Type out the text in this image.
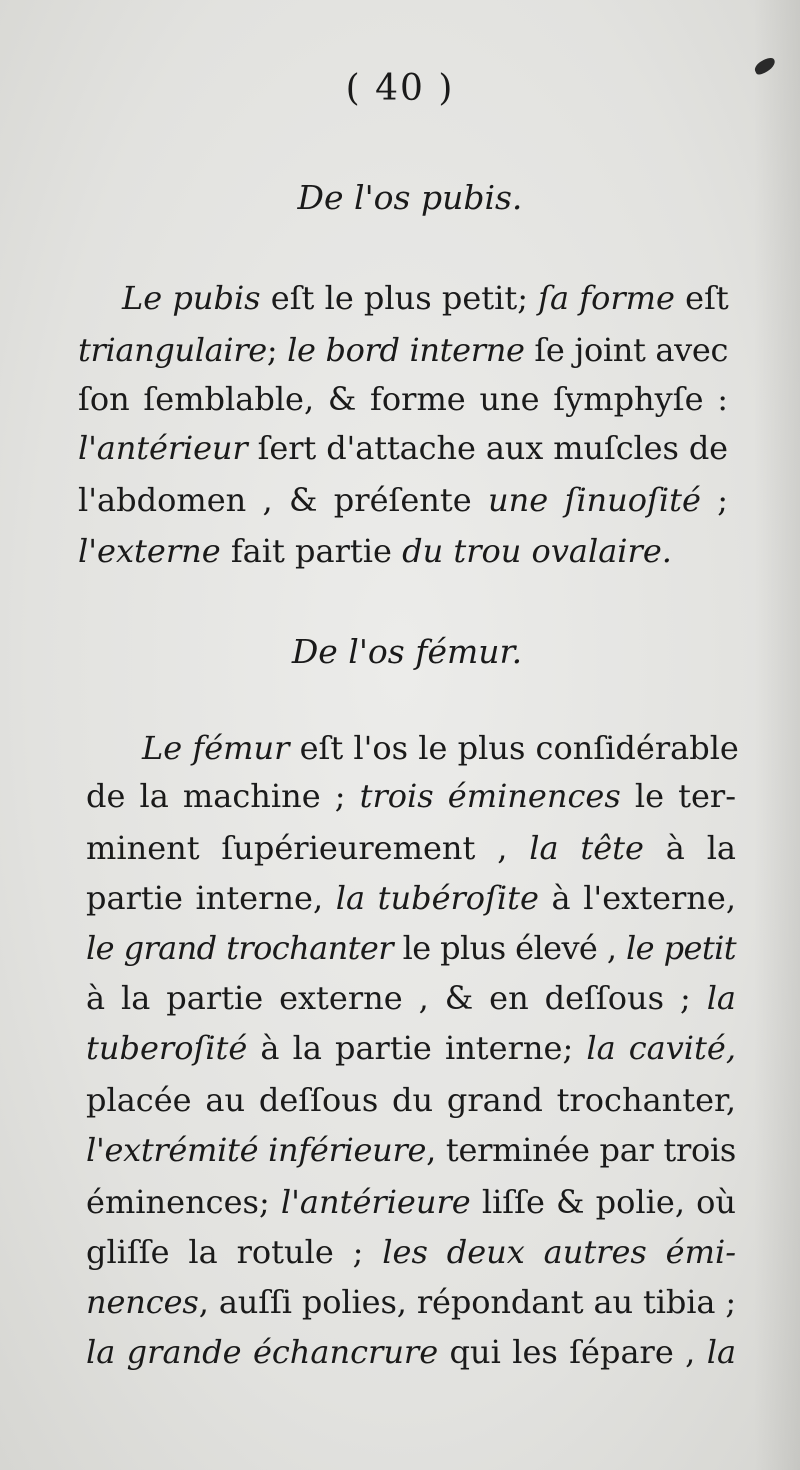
( 40 )
De l'os pubis.
Le pubis eſt le plus petit; ſa forme eſt
triangulaire; le bord interne ſe joint avec
ſon ſemblable, & forme une ſymphyſe :
l'antérieur ſert d'attache aux muſcles de
l'abdomen , & préſente une ſinuoſité ;
l'externe fait partie du trou ovalaire.
De l'os fémur.
Le fémur eſt l'os le plus conſidérable
de la machine ; trois éminences le ter-
minent ſupérieurement , la tête à la
partie interne, la tubéroſite à l'externe,
le grand trochanter le plus élevé , le petit
à la partie externe , & en deſſous ; la
tuberoſité à la partie interne; la cavité,
placée au deſſous du grand trochanter,
l'extrémité inférieure, terminée par trois
éminences; l'antérieure liſſe & polie, où
gliſſe la rotule ; les deux autres émi-
nences, auſſi polies, répondant au tibia ;
la grande échancrure qui les ſépare , la
